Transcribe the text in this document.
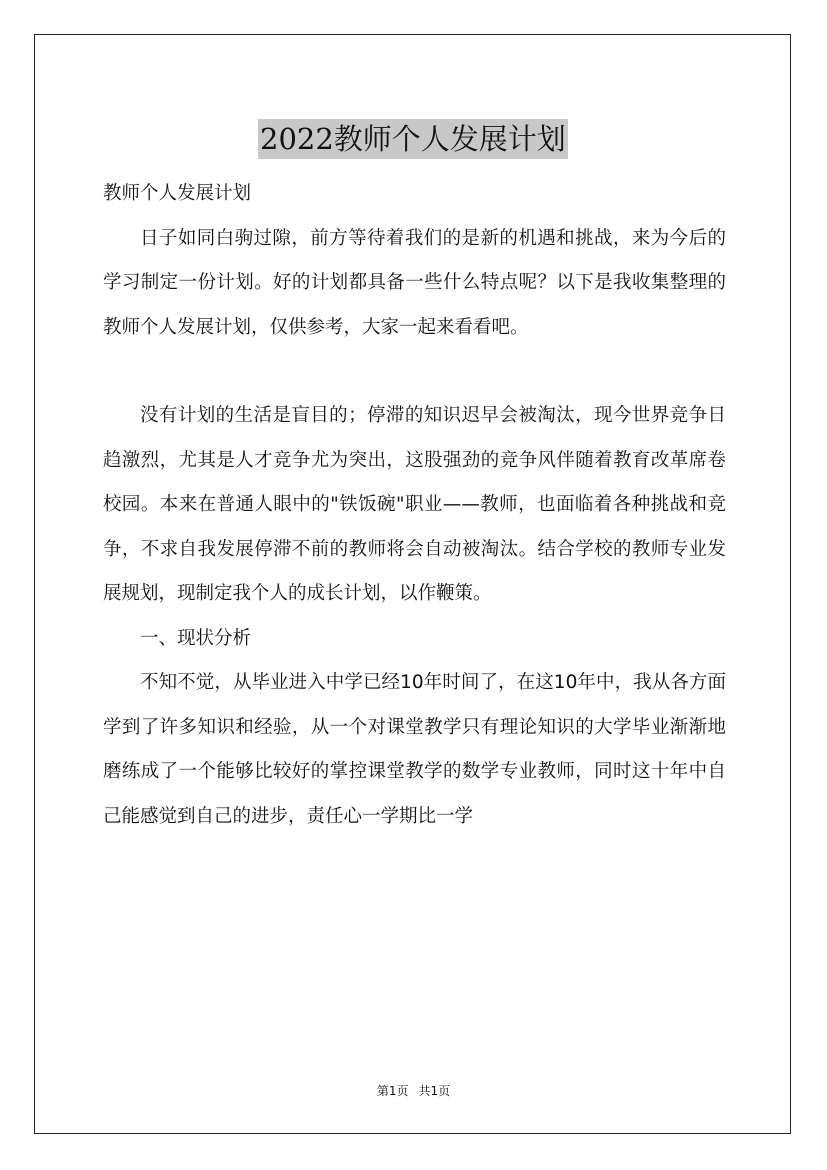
2022教师个人发展计划

教师个人发展计划

日子如同白驹过隙，前方等待着我们的是新的机遇和挑战，来为今后的学习制定一份计划。好的计划都具备一些什么特点呢？以下是我收集整理的教师个人发展计划，仅供参考，大家一起来看看吧。

没有计划的生活是盲目的；停滞的知识迟早会被淘汰，现今世界竞争日趋激烈，尤其是人才竞争尤为突出，这股强劲的竞争风伴随着教育改革席卷校园。本来在普通人眼中的"铁饭碗"职业——教师，也面临着各种挑战和竞争，不求自我发展停滞不前的教师将会自动被淘汰。结合学校的教师专业发展规划，现制定我个人的成长计划，以作鞭策。

一、现状分析

不知不觉，从毕业进入中学已经10年时间了，在这10年中，我从各方面学到了许多知识和经验，从一个对课堂教学只有理论知识的大学毕业渐渐地磨练成了一个能够比较好的掌控课堂教学的数学专业教师，同时这十年中自己能感觉到自己的进步，责任心一学期比一学

第1页 共1页
